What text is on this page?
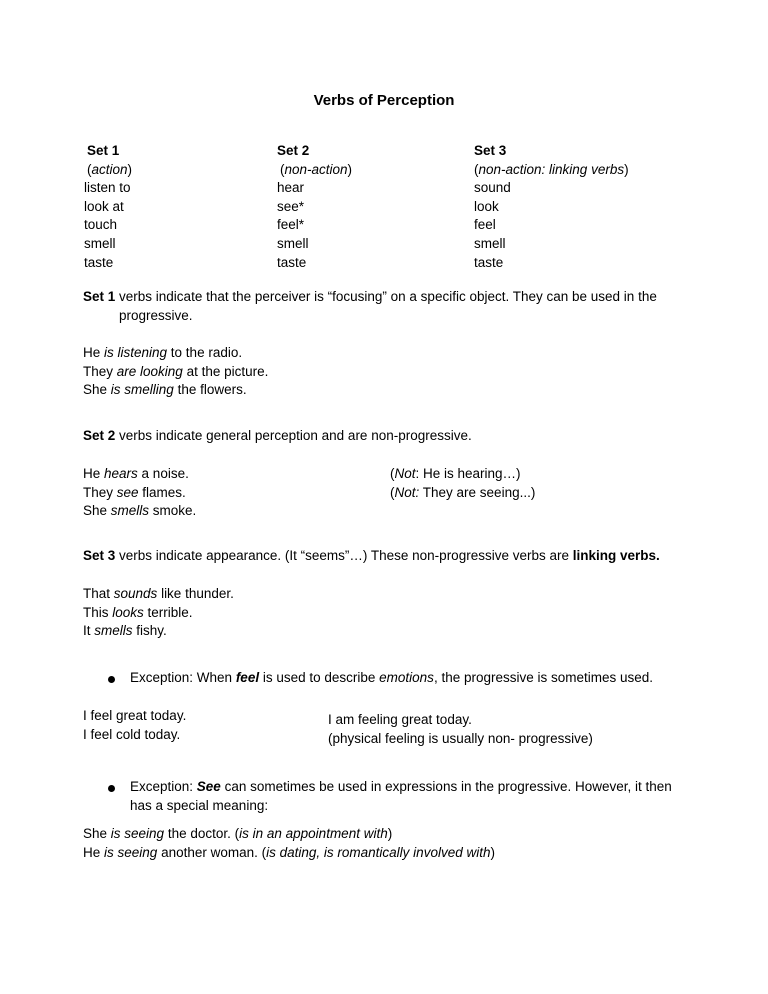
Verbs of Perception
Set 1
(action)
listen to
look at
touch
smell
taste
Set 2
(non-action)
hear
see*
feel*
smell
taste
Set 3
(non-action: linking verbs)
sound
look
feel
smell
taste
Set 1 verbs indicate that the perceiver is “focusing” on a specific object. They can be used in the
progressive.
He is listening to the radio.
They are looking at the picture.
She is smelling the flowers.
Set 2 verbs indicate general perception and are non-progressive.
He hears a noise.
They see flames.
She smells smoke.
(Not: He is hearing…)
(Not: They are seeing...)
Set 3 verbs indicate appearance. (It “seems”…) These non-progressive verbs are linking verbs.
That sounds like thunder.
This looks terrible.
It smells fishy.
Exception: When feel is used to describe emotions, the progressive is sometimes used.
I feel great today.
I feel cold today.
I am feeling great today.
(physical feeling is usually non- progressive)
Exception: See can sometimes be used in expressions in the progressive. However, it then
has a special meaning:
She is seeing the doctor. (is in an appointment with)
He is seeing another woman. (is dating, is romantically involved with)
